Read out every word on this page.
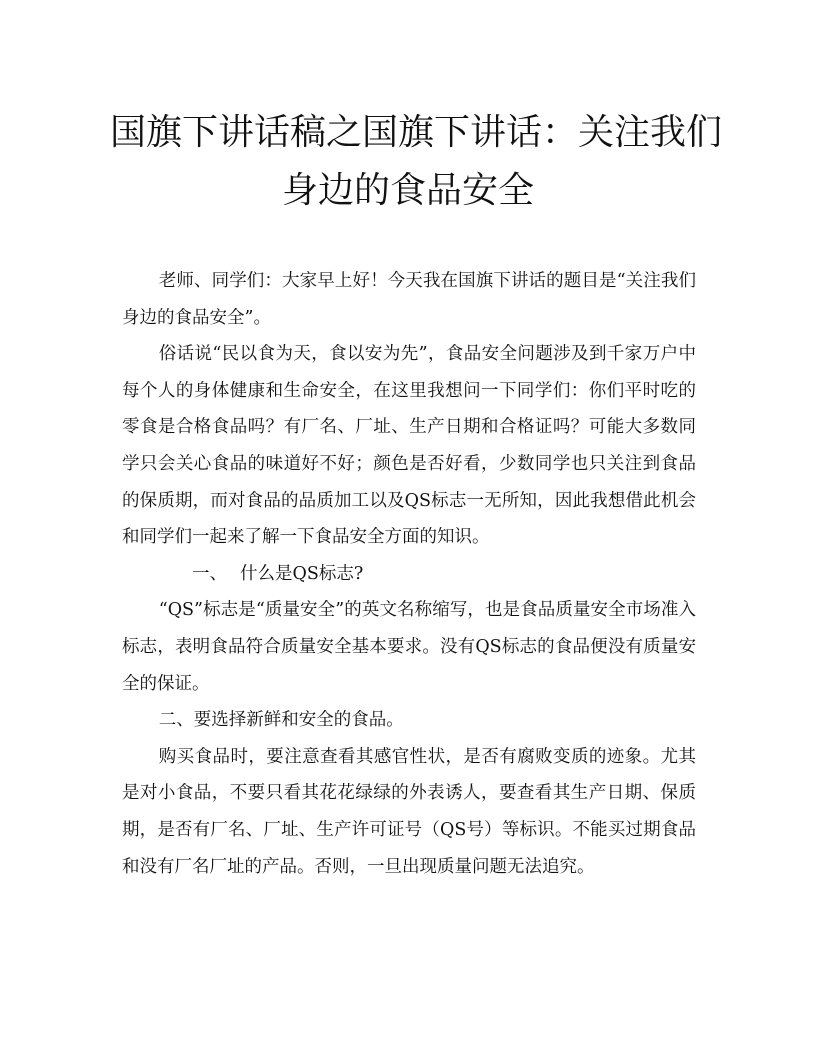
国旗下讲话稿之国旗下讲话：关注我们
身边的食品安全

老师、同学们：大家早上好！今天我在国旗下讲话的题目是“关注我们身边的食品安全”。

俗话说“民以食为天，食以安为先”，食品安全问题涉及到千家万户中每个人的身体健康和生命安全，在这里我想问一下同学们：你们平时吃的零食是合格食品吗？有厂名、厂址、生产日期和合格证吗？可能大多数同学只会关心食品的味道好不好；颜色是否好看，少数同学也只关注到食品的保质期，而对食品的品质加工以及QS标志一无所知，因此我想借此机会和同学们一起来了解一下食品安全方面的知识。

一、 什么是QS标志?

“QS”标志是“质量安全”的英文名称缩写，也是食品质量安全市场准入标志，表明食品符合质量安全基本要求。没有QS标志的食品便没有质量安全的保证。

二、要选择新鲜和安全的食品。

购买食品时，要注意查看其感官性状，是否有腐败变质的迹象。尤其是对小食品，不要只看其花花绿绿的外表诱人，要查看其生产日期、保质期，是否有厂名、厂址、生产许可证号（QS号）等标识。不能买过期食品和没有厂名厂址的产品。否则，一旦出现质量问题无法追究。
